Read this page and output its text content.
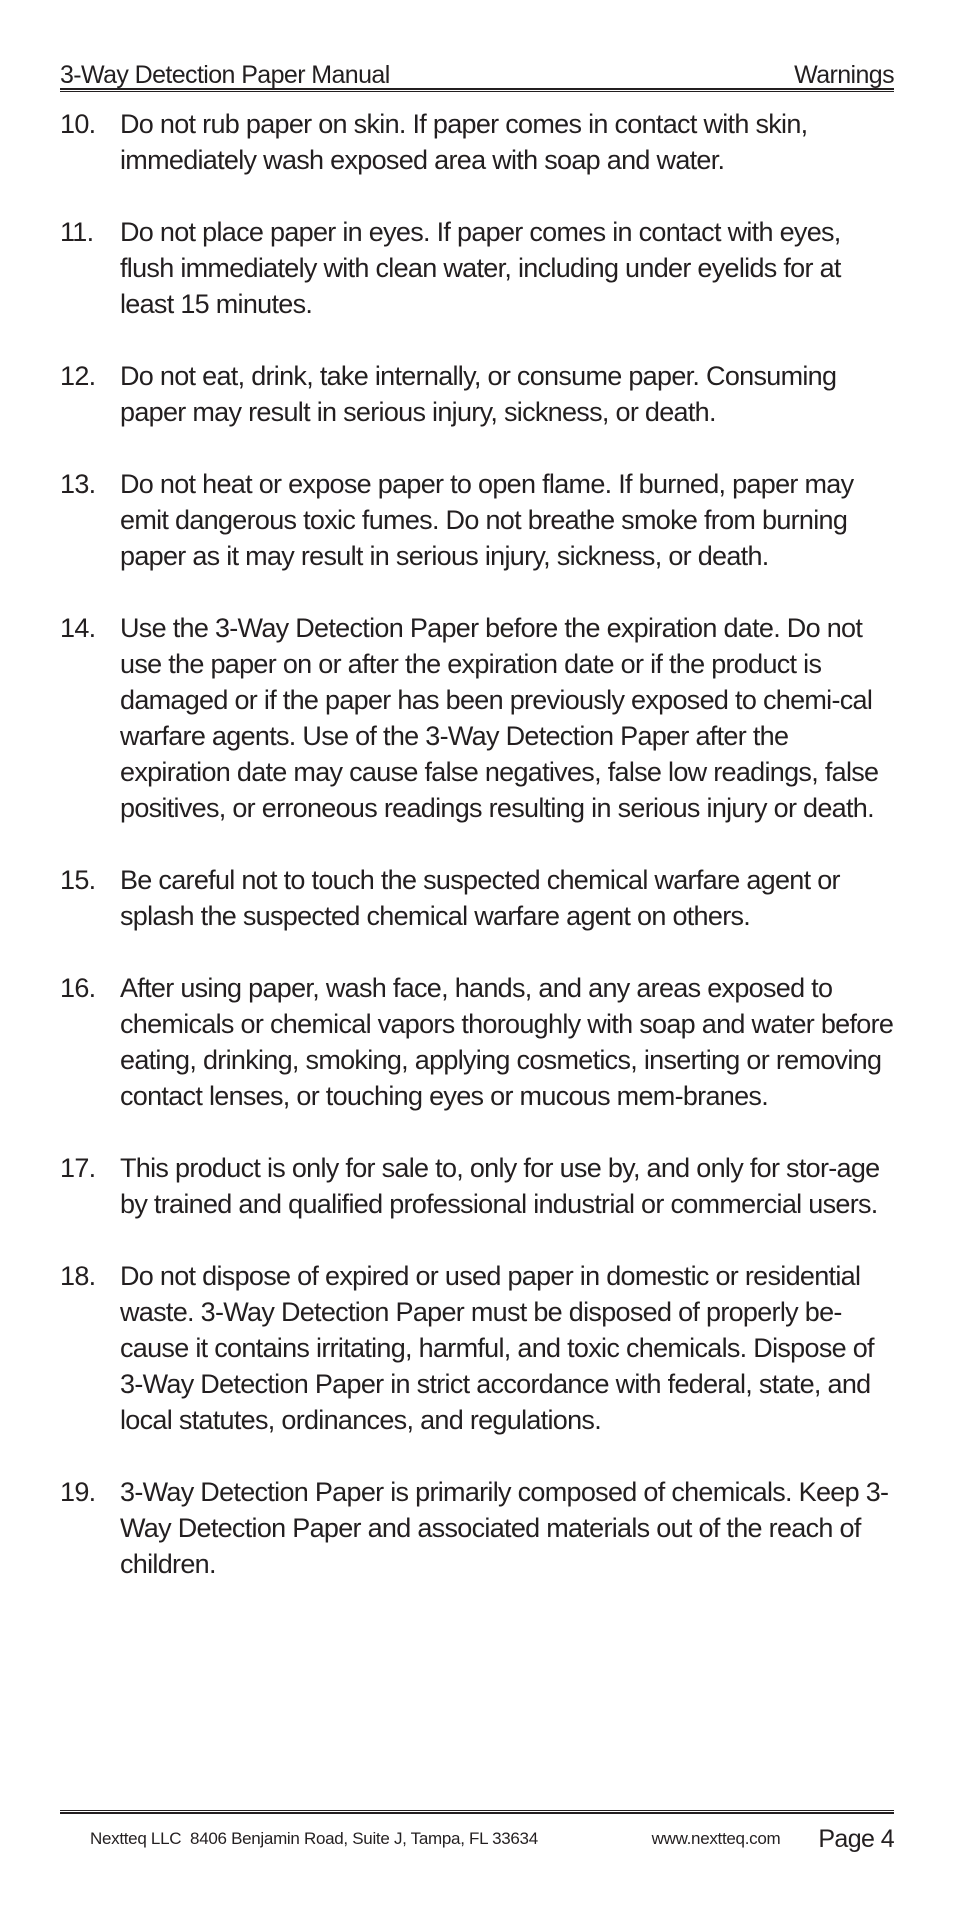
3-Way Detection Paper Manual	Warnings
10. Do not rub paper on skin. If paper comes in contact with skin, immediately wash exposed area with soap and water.
11. Do not place paper in eyes. If paper comes in contact with eyes, flush immediately with clean water, including under eyelids for at least 15 minutes.
12. Do not eat, drink, take internally, or consume paper. Consuming paper may result in serious injury, sickness, or death.
13. Do not heat or expose paper to open flame. If burned, paper may emit dangerous toxic fumes. Do not breathe smoke from burning paper as it may result in serious injury, sickness, or death.
14. Use the 3-Way Detection Paper before the expiration date. Do not use the paper on or after the expiration date or if the product is damaged or if the paper has been previously exposed to chemi-cal warfare agents. Use of the 3-Way Detection Paper after the expiration date may cause false negatives, false low readings, false positives, or erroneous readings resulting in serious injury or death.
15. Be careful not to touch the suspected chemical warfare agent or splash the suspected chemical warfare agent on others.
16. After using paper, wash face, hands, and any areas exposed to chemicals or chemical vapors thoroughly with soap and water before eating, drinking, smoking, applying cosmetics, inserting or removing contact lenses, or touching eyes or mucous mem-branes.
17. This product is only for sale to, only for use by, and only for stor-age by trained and qualified professional industrial or commercial users.
18. Do not dispose of expired or used paper in domestic or residential waste. 3-Way Detection Paper must be disposed of properly be-cause it contains irritating, harmful, and toxic chemicals. Dispose of 3-Way Detection Paper in strict accordance with federal, state, and local statutes, ordinances, and regulations.
19. 3-Way Detection Paper is primarily composed of chemicals. Keep 3-Way Detection Paper and associated materials out of the reach of children.
Nextteq LLC  8406 Benjamin Road, Suite J, Tampa, FL 33634	www.nextteq.com Page 4
